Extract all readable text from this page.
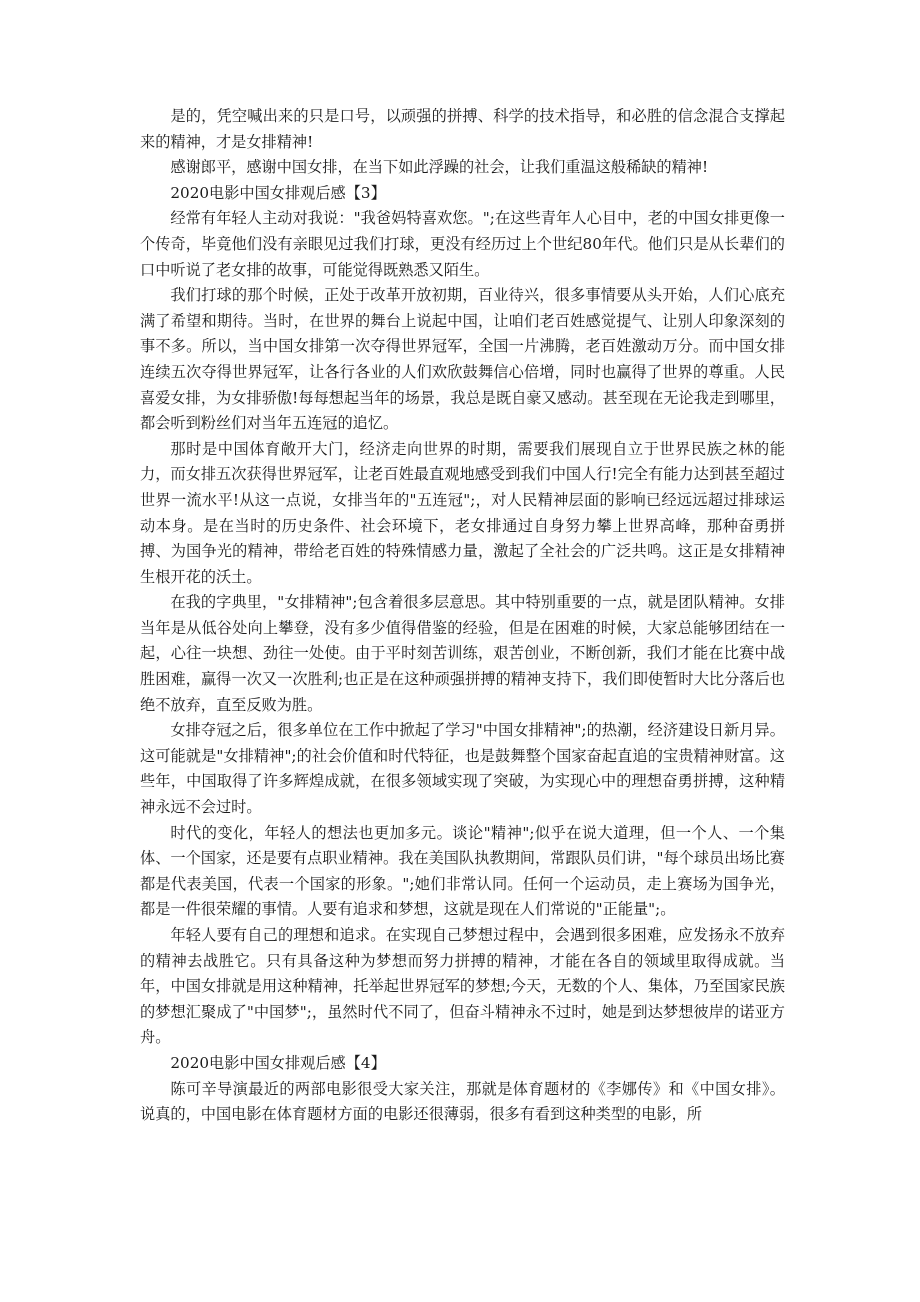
是的，凭空喊出来的只是口号，以顽强的拼搏、科学的技术指导，和必胜的信念混合支撑起来的精神，才是女排精神!

感谢郎平，感谢中国女排，在当下如此浮躁的社会，让我们重温这般稀缺的精神!

2020电影中国女排观后感【3】

经常有年轻人主动对我说："我爸妈特喜欢您。";在这些青年人心目中，老的中国女排更像一个传奇，毕竟他们没有亲眼见过我们打球，更没有经历过上个世纪80年代。他们只是从长辈们的口中听说了老女排的故事，可能觉得既熟悉又陌生。

我们打球的那个时候，正处于改革开放初期，百业待兴，很多事情要从头开始，人们心底充满了希望和期待。当时，在世界的舞台上说起中国，让咱们老百姓感觉提气、让别人印象深刻的事不多。所以，当中国女排第一次夺得世界冠军，全国一片沸腾，老百姓激动万分。而中国女排连续五次夺得世界冠军，让各行各业的人们欢欣鼓舞信心倍增，同时也赢得了世界的尊重。人民喜爱女排，为女排骄傲!每每想起当年的场景，我总是既自豪又感动。甚至现在无论我走到哪里，都会听到粉丝们对当年五连冠的追忆。

那时是中国体育敞开大门，经济走向世界的时期，需要我们展现自立于世界民族之林的能力，而女排五次获得世界冠军，让老百姓最直观地感受到我们中国人行!完全有能力达到甚至超过世界一流水平!从这一点说，女排当年的"五连冠";，对人民精神层面的影响已经远远超过排球运动本身。是在当时的历史条件、社会环境下，老女排通过自身努力攀上世界高峰，那种奋勇拼搏、为国争光的精神，带给老百姓的特殊情感力量，激起了全社会的广泛共鸣。这正是女排精神生根开花的沃土。

在我的字典里，"女排精神";包含着很多层意思。其中特别重要的一点，就是团队精神。女排当年是从低谷处向上攀登，没有多少值得借鉴的经验，但是在困难的时候，大家总能够团结在一起，心往一块想、劲往一处使。由于平时刻苦训练，艰苦创业，不断创新，我们才能在比赛中战胜困难，赢得一次又一次胜利;也正是在这种顽强拼搏的精神支持下，我们即使暂时大比分落后也绝不放弃，直至反败为胜。

女排夺冠之后，很多单位在工作中掀起了学习"中国女排精神";的热潮，经济建设日新月异。这可能就是"女排精神";的社会价值和时代特征，也是鼓舞整个国家奋起直追的宝贵精神财富。这些年，中国取得了许多辉煌成就，在很多领域实现了突破，为实现心中的理想奋勇拼搏，这种精神永远不会过时。

时代的变化，年轻人的想法也更加多元。谈论"精神";似乎在说大道理，但一个人、一个集体、一个国家，还是要有点职业精神。我在美国队执教期间，常跟队员们讲，"每个球员出场比赛都是代表美国，代表一个国家的形象。";她们非常认同。任何一个运动员，走上赛场为国争光，都是一件很荣耀的事情。人要有追求和梦想，这就是现在人们常说的"正能量";。

年轻人要有自己的理想和追求。在实现自己梦想过程中，会遇到很多困难，应发扬永不放弃的精神去战胜它。只有具备这种为梦想而努力拼搏的精神，才能在各自的领域里取得成就。当年，中国女排就是用这种精神，托举起世界冠军的梦想;今天，无数的个人、集体，乃至国家民族的梦想汇聚成了"中国梦";，虽然时代不同了，但奋斗精神永不过时，她是到达梦想彼岸的诺亚方舟。

2020电影中国女排观后感【4】

陈可辛导演最近的两部电影很受大家关注，那就是体育题材的《李娜传》和《中国女排》。说真的，中国电影在体育题材方面的电影还很薄弱，很多有看到这种类型的电影，所
